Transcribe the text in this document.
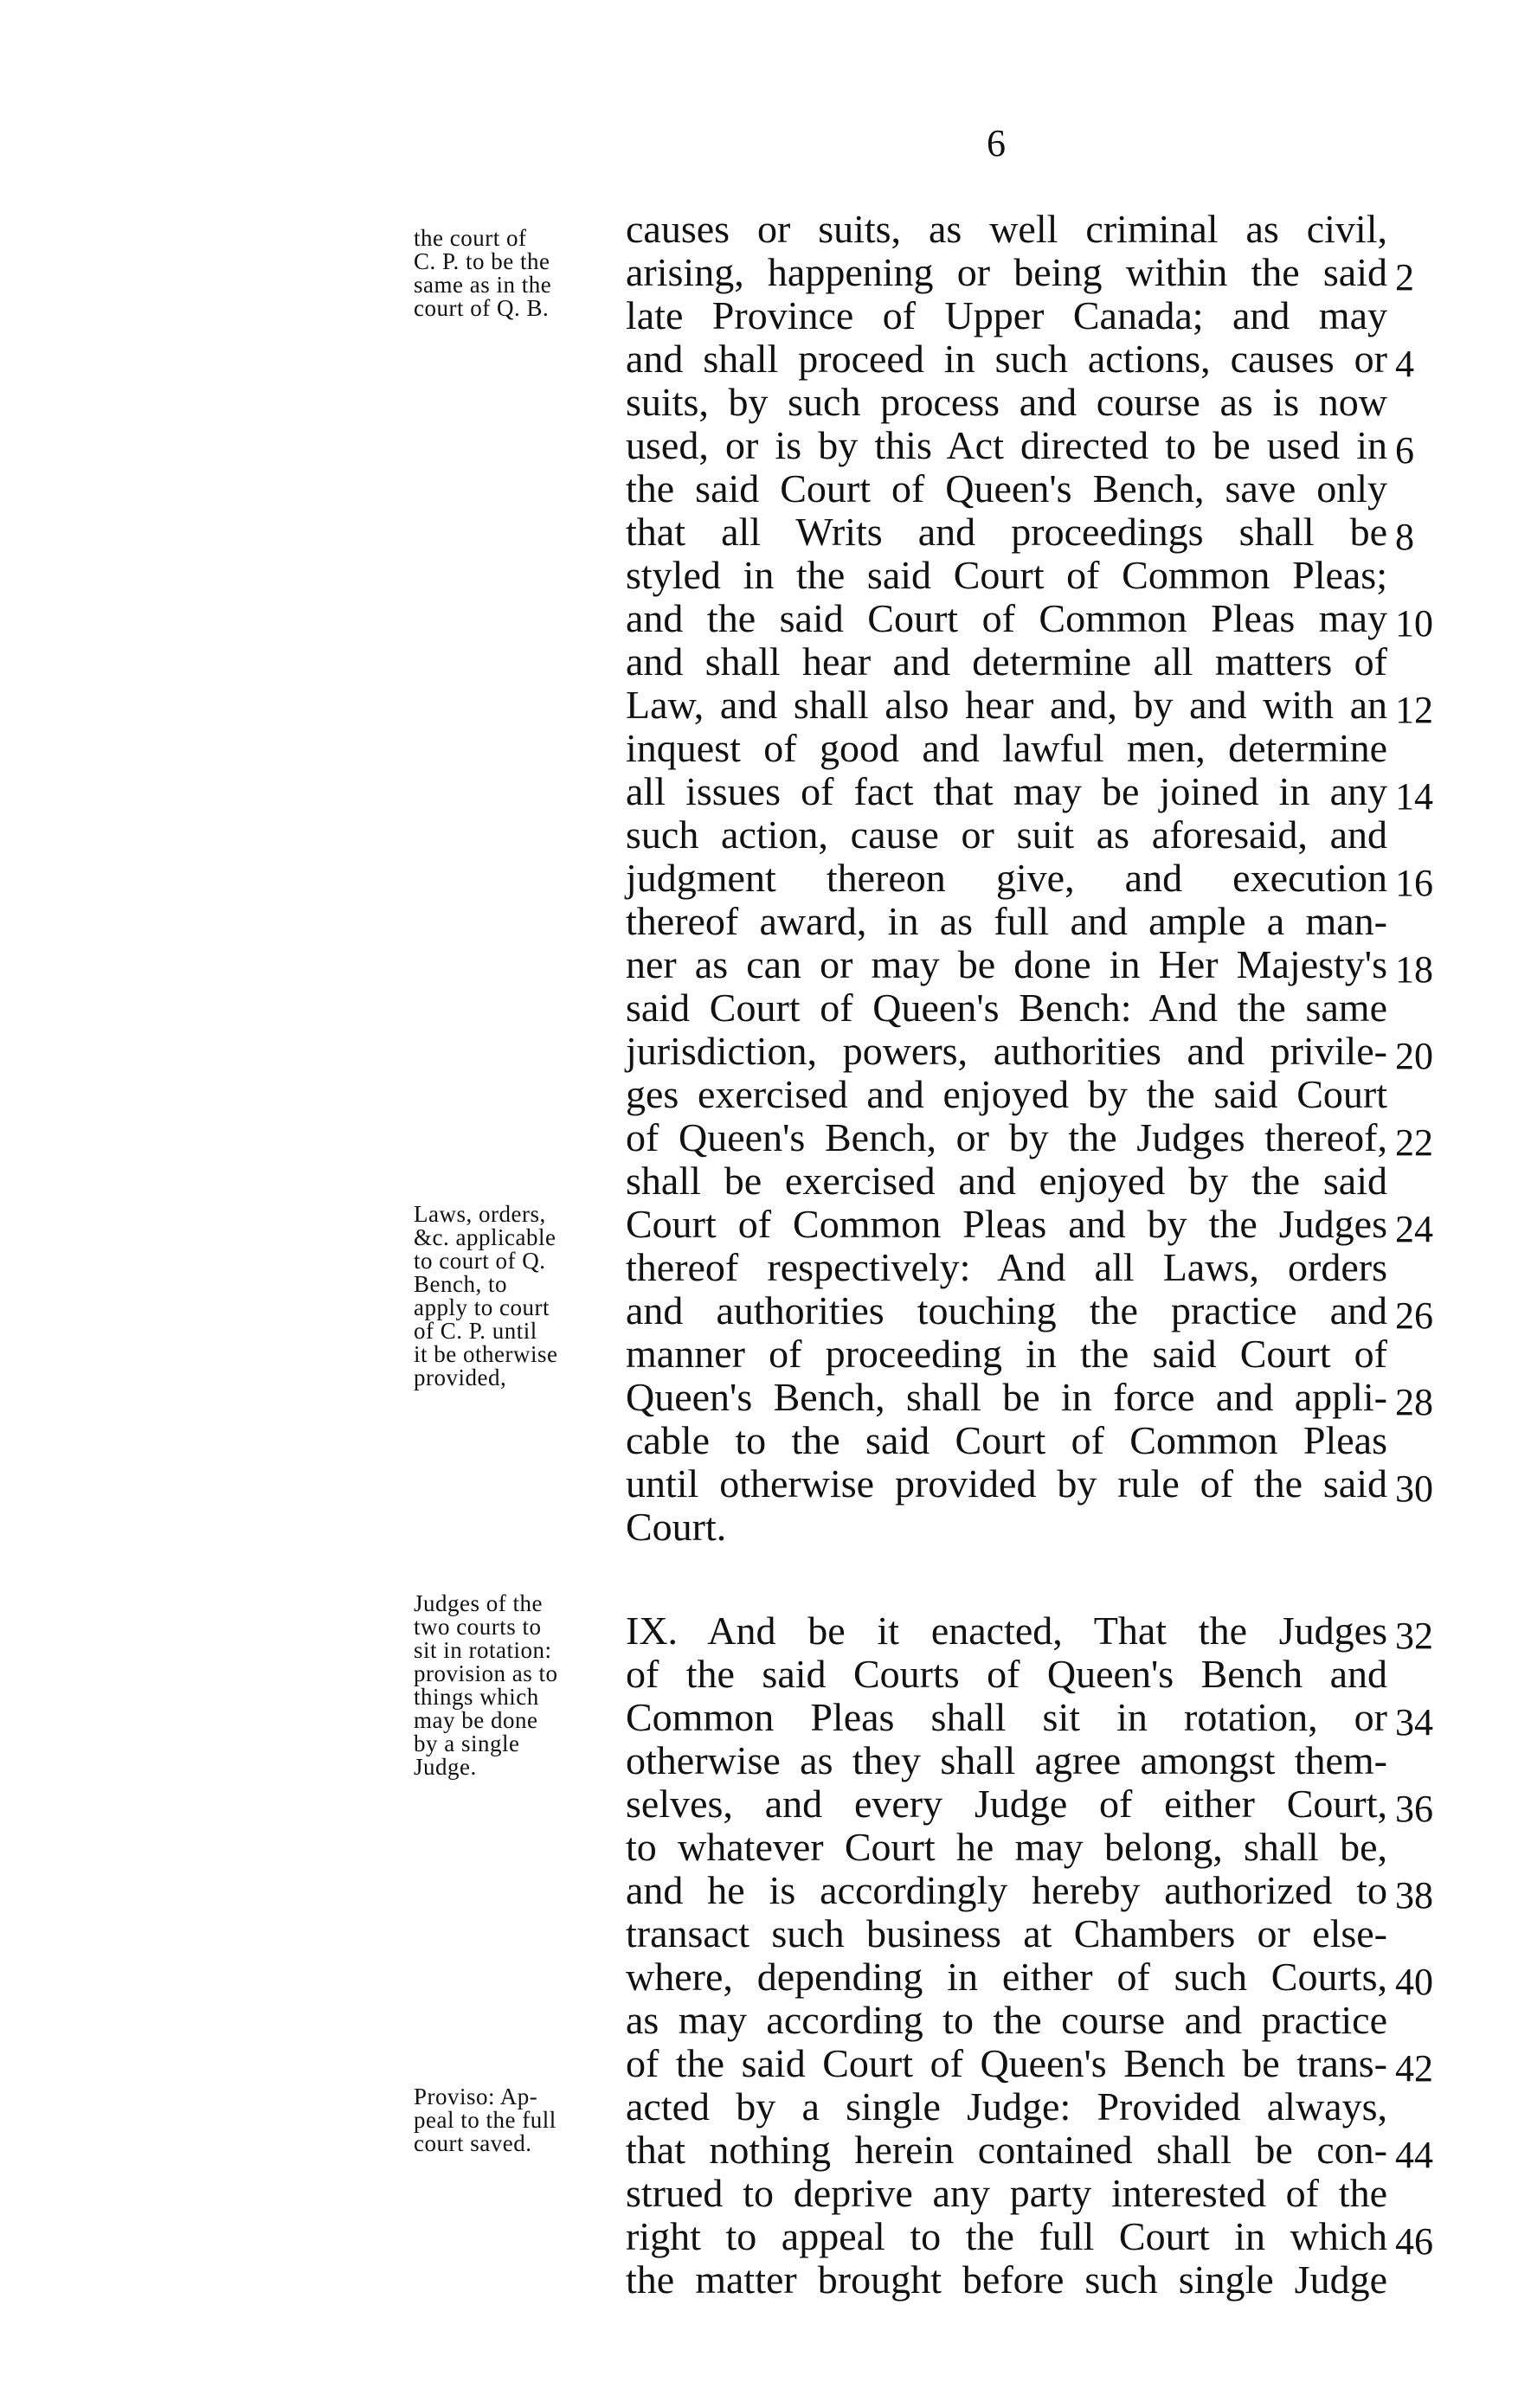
6
the court of
C. P. to be the
same as in the
court of Q. B.
Laws, orders,
&c. applicable
to court of Q.
Bench, to
apply to court
of C. P. until
it be otherwise
provided,
Judges of the
two courts to
sit in rotation:
provision as to
things which
may be done
by a single
Judge.
Proviso: Ap-
peal to the full
court saved.
causes or suits, as well criminal as civil,
arising, happening or being within the said
late Province of Upper Canada; and may
and shall proceed in such actions, causes or
suits, by such process and course as is now
used, or is by this Act directed to be used in
the said Court of Queen's Bench, save only
that all Writs and proceedings shall be
styled in the said Court of Common Pleas;
and the said Court of Common Pleas may
and shall hear and determine all matters of
Law, and shall also hear and, by and with an
inquest of good and lawful men, determine
all issues of fact that may be joined in any
such action, cause or suit as aforesaid, and
judgment thereon give, and execution
thereof award, in as full and ample a man-
ner as can or may be done in Her Majesty's
said Court of Queen's Bench: And the same
jurisdiction, powers, authorities and privile-
ges exercised and enjoyed by the said Court
of Queen's Bench, or by the Judges thereof,
shall be exercised and enjoyed by the said
Court of Common Pleas and by the Judges
thereof respectively: And all Laws, orders
and authorities touching the practice and
manner of proceeding in the said Court of
Queen's Bench, shall be in force and appli-
cable to the said Court of Common Pleas
until otherwise provided by rule of the said
Court.
IX. And be it enacted, That the Judges
of the said Courts of Queen's Bench and
Common Pleas shall sit in rotation, or
otherwise as they shall agree amongst them-
selves, and every Judge of either Court,
to whatever Court he may belong, shall be,
and he is accordingly hereby authorized to
transact such business at Chambers or else-
where, depending in either of such Courts,
as may according to the course and practice
of the said Court of Queen's Bench be trans-
acted by a single Judge: Provided always,
that nothing herein contained shall be con-
strued to deprive any party interested of the
right to appeal to the full Court in which
the matter brought before such single Judge
2
4
6
8
10
12
14
16
18
20
22
24
26
28
30
32
34
36
38
40
42
44
46
